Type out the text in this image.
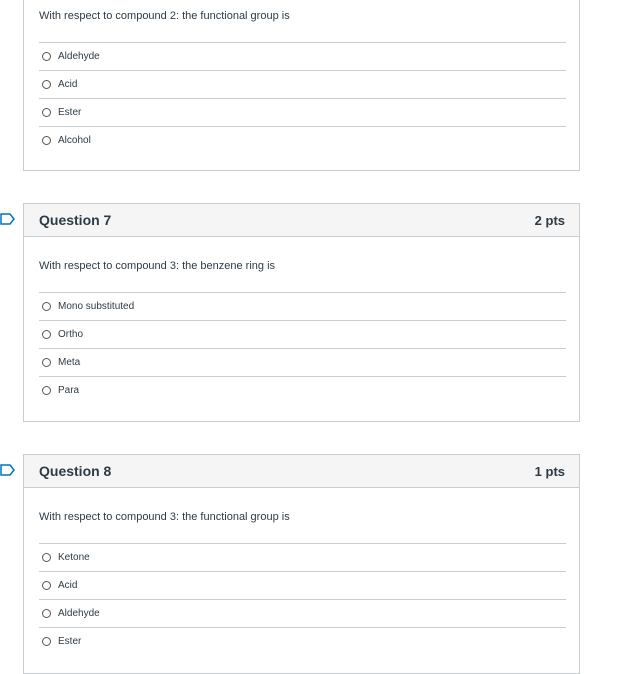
With respect to compound 2: the functional group is
Aldehyde
Acid
Ester
Alcohol
Question 7	2 pts
With respect to compound 3: the benzene ring is
Mono substituted
Ortho
Meta
Para
Question 8	1 pts
With respect to compound 3: the functional group is
Ketone
Acid
Aldehyde
Ester
